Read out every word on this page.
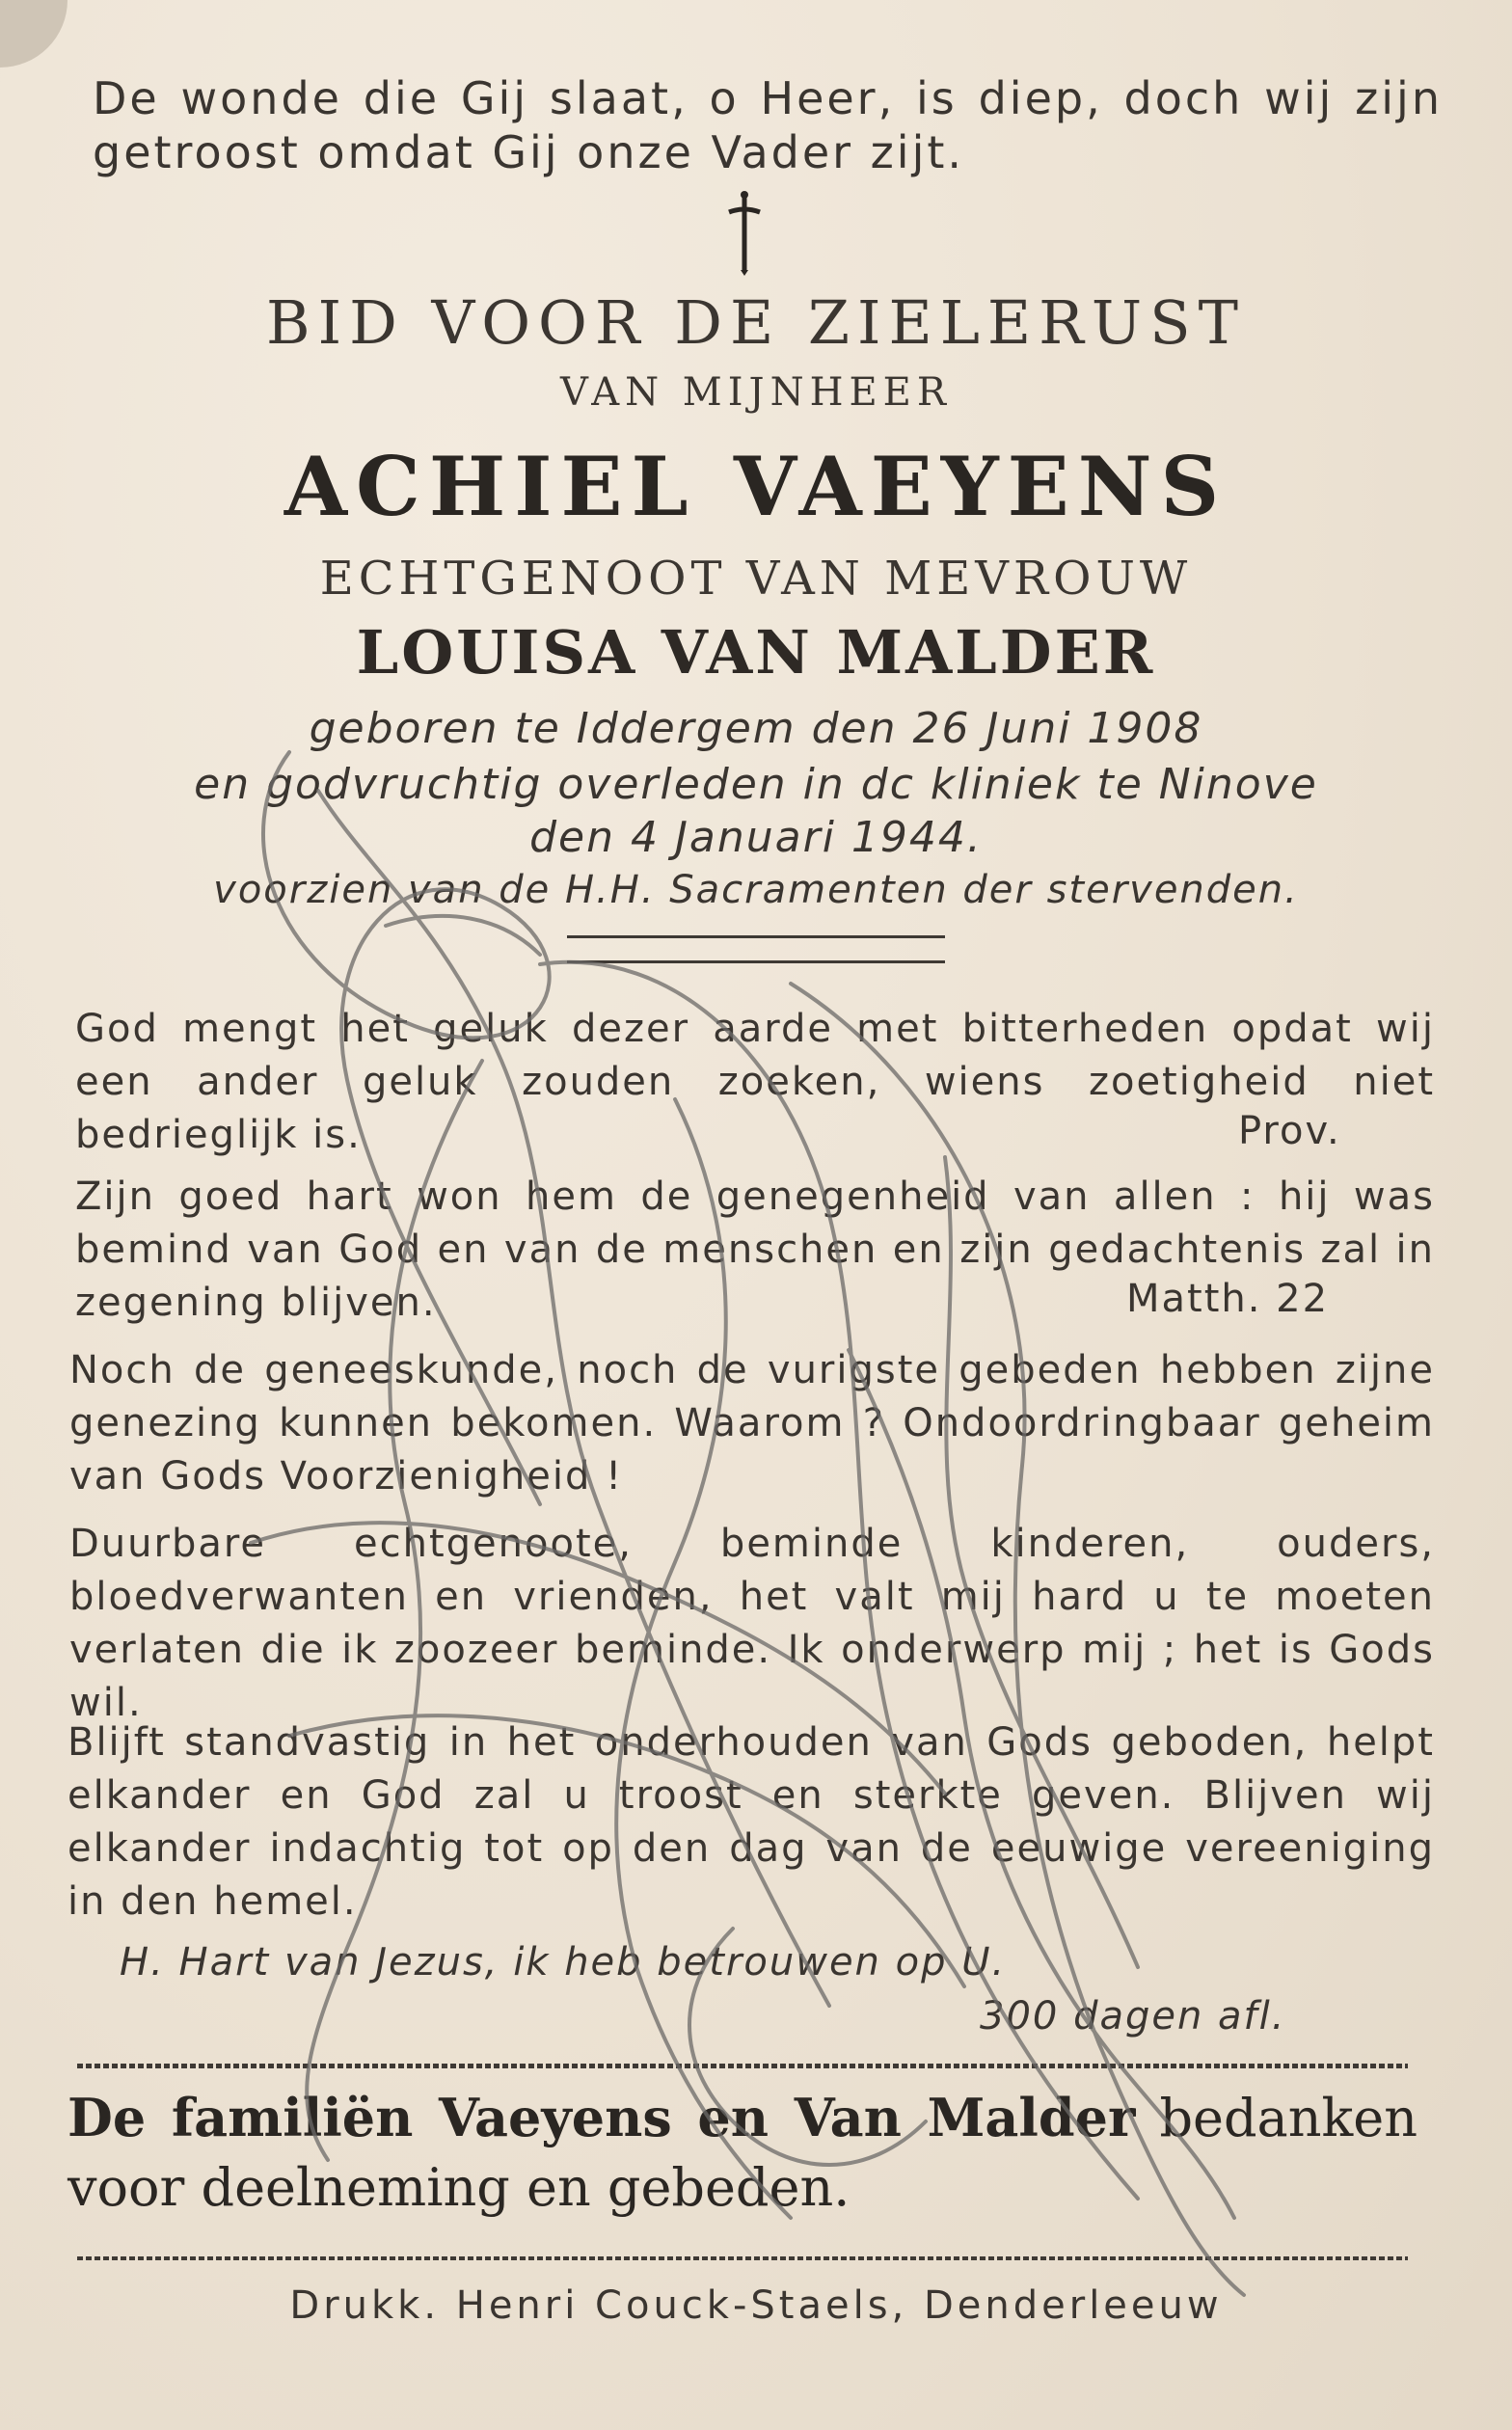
De wonde die Gij slaat, o Heer, is diep, doch wij zijn getroost omdat Gij onze Vader zijt.
BID VOOR DE ZIELERUST
VAN MIJNHEER
ACHIEL VAEYENS
ECHTGENOOT VAN MEVROUW
LOUISA VAN MALDER
geboren te Iddergem den 26 Juni 1908
en godvruchtig overleden in dc kliniek te Ninove
den 4 Januari 1944.
voorzien van de H.H. Sacramenten der stervenden.
God mengt het geluk dezer aarde met bitterheden opdat wij een ander geluk zouden zoeken, wiens zoetigheid niet bedrieglijk is.	Prov.
Zijn goed hart won hem de genegenheid van allen : hij was bemind van God en van de menschen en zijn gedachtenis zal in zegening blijven.	Matth. 22
Noch de geneeskunde, noch de vurigste gebeden hebben zijne genezing kunnen bekomen. Waarom ? Ondoordringbaar geheim van Gods Voorzienigheid !
Duurbare echtgenoote, beminde kinderen, ouders, bloedverwanten en vrienden, het valt mij hard u te moeten verlaten die ik zoozeer beminde. Ik onderwerp mij ; het is Gods wil.
Blijft standvastig in het onderhouden van Gods geboden, helpt elkander en God zal u troost en sterkte geven. Blijven wij elkander indachtig tot op den dag van de eeuwige vereeniging in den hemel.
H. Hart van Jezus, ik heb betrouwen op U.
300 dagen afl.
De familiën Vaeyens en Van Malder bedanken voor deelneming en gebeden.
Drukk. Henri Couck-Staels, Denderleeuw
